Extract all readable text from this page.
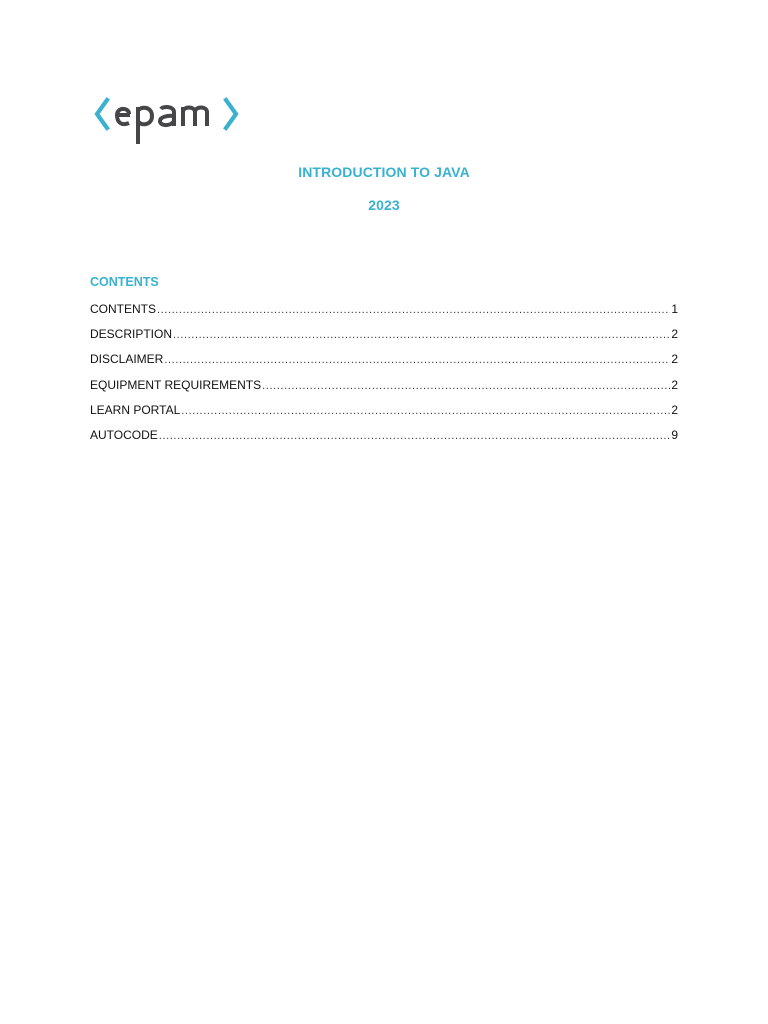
INTRODUCTION TO JAVA
2023
CONTENTS
CONTENTS .....	1
DESCRIPTION .....	2
DISCLAIMER .....	2
EQUIPMENT REQUIREMENTS .....	2
LEARN PORTAL .....	2
AUTOCODE .....	9
